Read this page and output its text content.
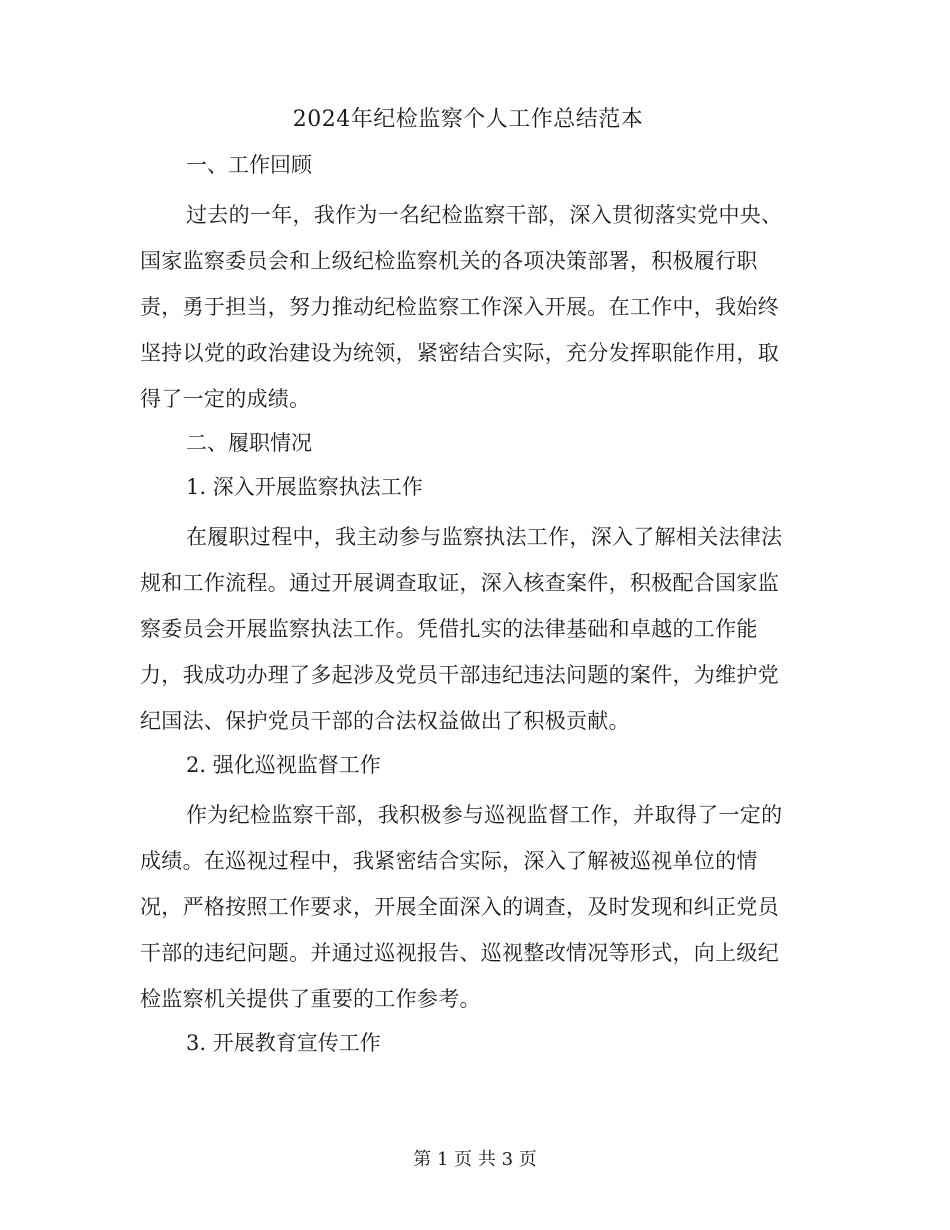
2024年纪检监察个人工作总结范本

一、工作回顾

过去的一年，我作为一名纪检监察干部，深入贯彻落实党中央、国家监察委员会和上级纪检监察机关的各项决策部署，积极履行职责，勇于担当，努力推动纪检监察工作深入开展。在工作中，我始终坚持以党的政治建设为统领，紧密结合实际，充分发挥职能作用，取得了一定的成绩。

二、履职情况

1. 深入开展监察执法工作

在履职过程中，我主动参与监察执法工作，深入了解相关法律法规和工作流程。通过开展调查取证，深入核查案件，积极配合国家监察委员会开展监察执法工作。凭借扎实的法律基础和卓越的工作能力，我成功办理了多起涉及党员干部违纪违法问题的案件，为维护党纪国法、保护党员干部的合法权益做出了积极贡献。

2. 强化巡视监督工作

作为纪检监察干部，我积极参与巡视监督工作，并取得了一定的成绩。在巡视过程中，我紧密结合实际，深入了解被巡视单位的情况，严格按照工作要求，开展全面深入的调查，及时发现和纠正党员干部的违纪问题。并通过巡视报告、巡视整改情况等形式，向上级纪检监察机关提供了重要的工作参考。

3. 开展教育宣传工作

第 1 页 共 3 页
